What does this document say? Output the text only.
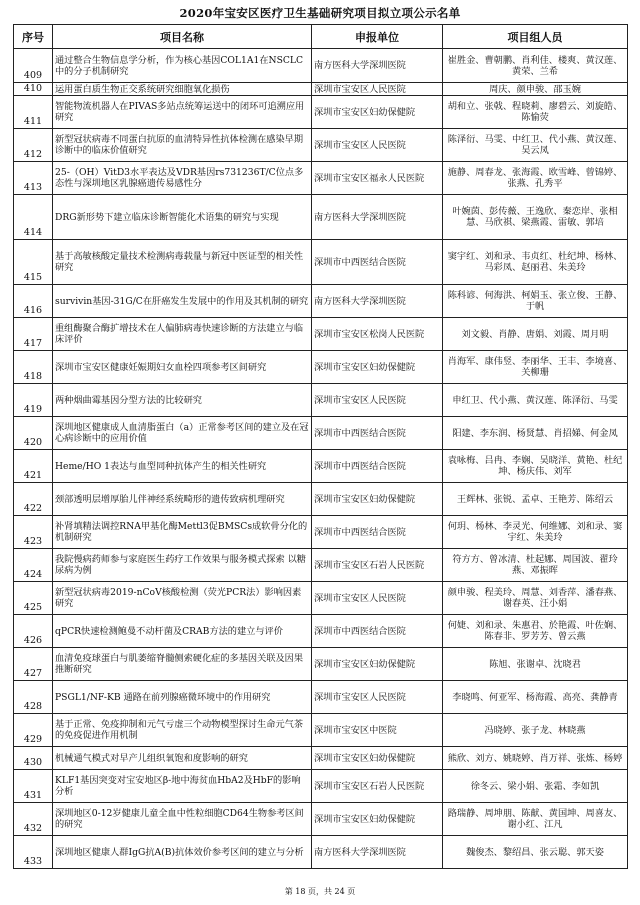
2020年宝安区医疗卫生基础研究项目拟立项公示名单
序号	项目名称	申报单位	项目组人员
409	通过整合生物信息学分析，作为核心基因COL1A1在NSCLC中的分子机制研究	南方医科大学深圳医院	崔胜金、曹朝鹏、肖利佳、楼爽、黄汉莲、黄荣、兰希
410	运用蛋白质生物正交系统研究细胞氧化损伤	深圳市宝安区人民医院	周庆、颜申骏、邵玉婉
411	智能物流机器人在PIVAS多站点统筹运送中的闭环可追溯应用研究	深圳市宝安区妇幼保健院	胡和立、张戟、程晓莉、廖碧云、刘旋皓、陈愉荧
412	新型冠状病毒不同蛋白抗原的血清特异性抗体检测在感染早期诊断中的临床价值研究	深圳市宝安区人民医院	陈泽衍、马雯、中红卫、代小燕、黄汉莲、吴云凤
413	25-（OH）VitD3水平表达及VDR基因rs731236T/C位点多态性与深圳地区乳腺癌遗传易感性分	深圳市宝安区福永人民医院	施静、周春龙、张海霞、欧雪峰、曾锦婷、张燕、孔秀平
414	DRG新形势下建立临床诊断智能化术语集的研究与实现	南方医科大学深圳医院	叶婉茵、彭传薇、王逸欣、秦恋岸、张相慧、马欣祺、梁燕霞、雷敏、郭培
415	基于高敏核酸定量技术检测病毒载量与新冠中医证型的相关性研究	深圳市中西医结合医院	窦宇红、刘和录、韦贞红、杜纪坤、杨林、马彩凤、赵丽君、朱美玲
416	survivin基因-31G/C在肝癌发生发展中的作用及其机制的研究	南方医科大学深圳医院	陈科谚、何海洪、柯娟玉、张立俊、王静、于帆
417	重组酶聚合酶扩增技术在人偏肺病毒快速诊断的方法建立与临床评价	深圳市宝安区松岗人民医院	刘文毅、肖静、唐娟、刘霞、周月明
418	深圳市宝安区健康妊娠期妇女血栓四项参考区间研究	深圳市宝安区妇幼保健院	肖海军、康伟竖、李丽华、王丰、李境喜、关柳珊
419	两种烟曲霉基因分型方法的比较研究	深圳市宝安区人民医院	申红卫、代小燕、黄汉莲、陈泽衍、马雯
420	深圳地区健康成人血清脂蛋白（a）正常参考区间的建立及在冠心病诊断中的应用价值	深圳市中西医结合医院	阳建、李东润、杨贤慧、肖招娣、何金凤
421	Heme/HO 1表达与血型同种抗体产生的相关性研究	深圳市中西医结合医院	袁咏梅、吕冉、李娴、吴晓洋、黄艳、杜纪坤、杨庆伟、刘军
422	颈部透明层增厚胎儿伴神经系统畸形的遗传致病机理研究	深圳市宝安区妇幼保健院	王辉林、张锐、孟卓、王艳芳、陈绍云
423	补肾填精法调控RNA甲基化酶Mettl3促BMSCs成软骨分化的机制研究	深圳市中西医结合医院	何玥、杨林、李灵光、何维娜、刘和录、窦宇红、朱美玲
424	我院慢病药师参与家庭医生药疗工作效果与服务模式探索 以糖尿病为例	深圳市宝安区石岩人民医院	符方方、曾冰清、杜起娜、周国波、翟玲燕、邓振晖
425	新型冠状病毒2019-nCoV核酸检测（荧光PCR法）影响因素研究	深圳市宝安区人民医院	颜申骏、程美玲、周慧、刘香萍、潘春燕、谢春英、汪小娟
426	qPCR快速检测鲍曼不动杆菌及CRAB方法的建立与评价	深圳市中西医结合医院	何婕、刘和录、朱惠君、於艳霞、叶佐娴、陈春非、罗芳芳、曾云燕
427	血清免疫球蛋白与肌萎缩脊髓侧索硬化症的多基因关联及因果推断研究	深圳市宝安区妇幼保健院	陈旭、张谢卓、沈晓君
428	PSGL1/NF-KB 通路在前列腺癌微环境中的作用研究	深圳市宝安区人民医院	李晓鸣、何亚军、杨海霞、高亮、龚静青
429	基于正常、免疫抑制和元气亏虚三个动物模型探讨生命元气茶的免疫促进作用机制	深圳市宝安区中医院	冯晓婷、张子龙、林晓燕
430	机械通气模式对早产儿组织氧饱和度影响的研究	深圳市宝安区妇幼保健院	熊欣、刘方、姚晓婷、肖万祥、张炼、杨婷
431	KLF1基因突变对宝安地区β-地中海贫血HbA2及HbF的影响分析	深圳市宝安区石岩人民医院	徐冬云、梁小娟、张霜、李如凯
432	深圳地区0-12岁健康儿童全血中性粒细胞CD64生物参考区间的研究	深圳市宝安区妇幼保健院	路瑞静、周坤朋、陈献、黄国坤、周喜友、谢小红、江凡
433	深圳地区健康人群IgG抗A(B)抗体效价参考区间的建立与分析	南方医科大学深圳医院	魏俊杰、黎绍昌、张云聪、郭天姿
第 18 页，共 24 页
